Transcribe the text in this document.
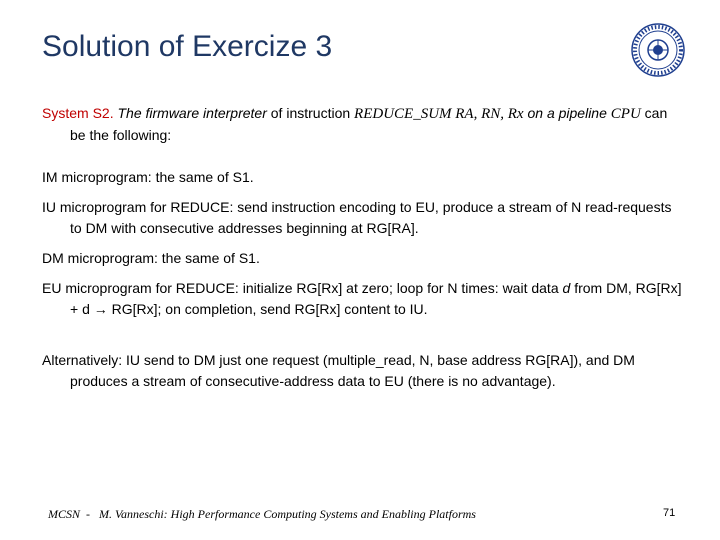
Solution of Exercize 3

System S2. The firmware interpreter of instruction REDUCE_SUM RA, RN, Rx on a pipeline CPU can be the following:

IM microprogram: the same of S1.

IU microprogram for REDUCE: send instruction encoding to EU, produce a stream of N read-requests to DM with consecutive addresses beginning at RG[RA].

DM microprogram: the same of S1.

EU microprogram for REDUCE: initialize RG[Rx] at zero; loop for N times: wait data d from DM, RG[Rx] + d → RG[Rx]; on completion, send RG[Rx] content to IU.

Alternatively: IU send to DM just one request (multiple_read, N, base address RG[RA]), and DM produces a stream of consecutive-address data to EU (there is no advantage).

MCSN - M. Vanneschi: High Performance Computing Systems and Enabling Platforms	71
